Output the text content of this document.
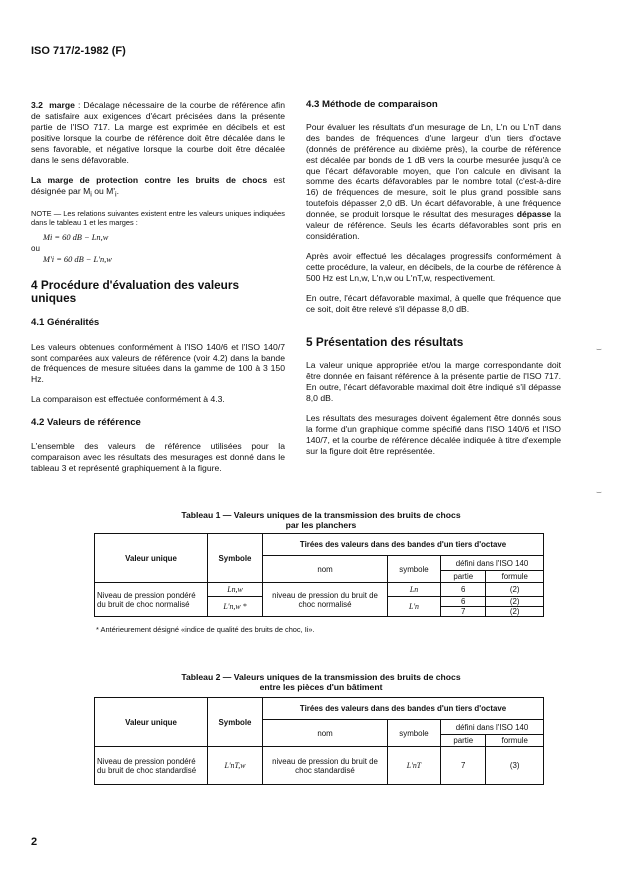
ISO 717/2-1982 (F)

3.2 marge : Décalage nécessaire de la courbe de référence afin de satisfaire aux exigences d'écart précisées dans la présente partie de l'ISO 717. La marge est exprimée en décibels et est positive lorsque la courbe de référence doit être décalée dans le sens favorable, et négative lorsque la courbe doit être décalée dans le sens défavorable.

La marge de protection contre les bruits de chocs est désignée par $M_i$ ou $M'_i$.

NOTE — Les relations suivantes existent entre les valeurs uniques indiquées dans le tableau 1 et les marges :

Mi = 60 dB − Ln,w
ou
M'i = 60 dB − L'n,w
4 Procédure d'évaluation des valeurs uniques
4.1 Généralités

Les valeurs obtenues conformément à l'ISO 140/6 et l'ISO 140/7 sont comparées aux valeurs de référence (voir 4.2) dans la bande de fréquences de mesure situées dans la gamme de 100 à 3 150 Hz.

La comparaison est effectuée conformément à 4.3.

4.2 Valeurs de référence

L'ensemble des valeurs de référence utilisées pour la comparaison avec les résultats des mesurages est donné dans le tableau 3 et représenté graphiquement à la figure.

4.3 Méthode de comparaison

Pour évaluer les résultats d'un mesurage de Ln, L'n ou L'nT dans des bandes de fréquences d'une largeur d'un tiers d'octave (donnés de préférence au dixième près), la courbe de référence est décalée par bonds de 1 dB vers la courbe mesurée jusqu'à ce que l'écart défavorable moyen, que l'on calcule en divisant la somme des écarts défavorables par le nombre total (c'est-à-dire 16) de fréquences de mesure, soit le plus grand possible sans toutefois dépasser 2,0 dB. Un écart défavorable, à une fréquence donnée, se produit lorsque le résultat des mesurages dépasse la valeur de référence. Seuls les écarts défavorables sont pris en considération.

Après avoir effectué les décalages progressifs conformément à cette procédure, la valeur, en décibels, de la courbe de référence à 500 Hz est Ln,w, L'n,w ou L'nT,w, respectivement.

En outre, l'écart défavorable maximal, à quelle que fréquence que ce soit, doit être relevé s'il dépasse 8,0 dB.

5 Présentation des résultats

La valeur unique appropriée et/ou la marge correspondante doit être donnée en faisant référence à la présente partie de l'ISO 717. En outre, l'écart défavorable maximal doit être indiqué s'il dépasse 8,0 dB.

Les résultats des mesurages doivent également être donnés sous la forme d'un graphique comme spécifié dans l'ISO 140/6 et l'ISO 140/7, et la courbe de référence décalée indiquée à titre d'exemple sur la figure doit être représentée.

⌣
⌣
Tableau 1 — Valeurs uniques de la transmission des bruits de chocs
par les planchers
Valeur unique	Symbole	Tirées des valeurs dans des bandes d'un tiers d'octave			
		nom	symbole	défini dans l'ISO 140	
				partie	formule
Niveau de pression pondéré du bruit de choc normalisé	Ln,w	niveau de pression du bruit de choc normalisé	Ln	6	(2)
	L'n,w *		L'n	6	(2)
				7	(2)
* Antérieurement désigné «indice de qualité des bruits de choc, Ii».
Tableau 2 — Valeurs uniques de la transmission des bruits de chocs
entre les pièces d'un bâtiment
Valeur unique	Symbole	Tirées des valeurs dans des bandes d'un tiers d'octave			
		nom	symbole	défini dans l'ISO 140	
				partie	formule
Niveau de pression pondéré du bruit de choc standardisé	L'nT,w	niveau de pression du bruit de choc standardisé	L'nT	7	(3)
2
